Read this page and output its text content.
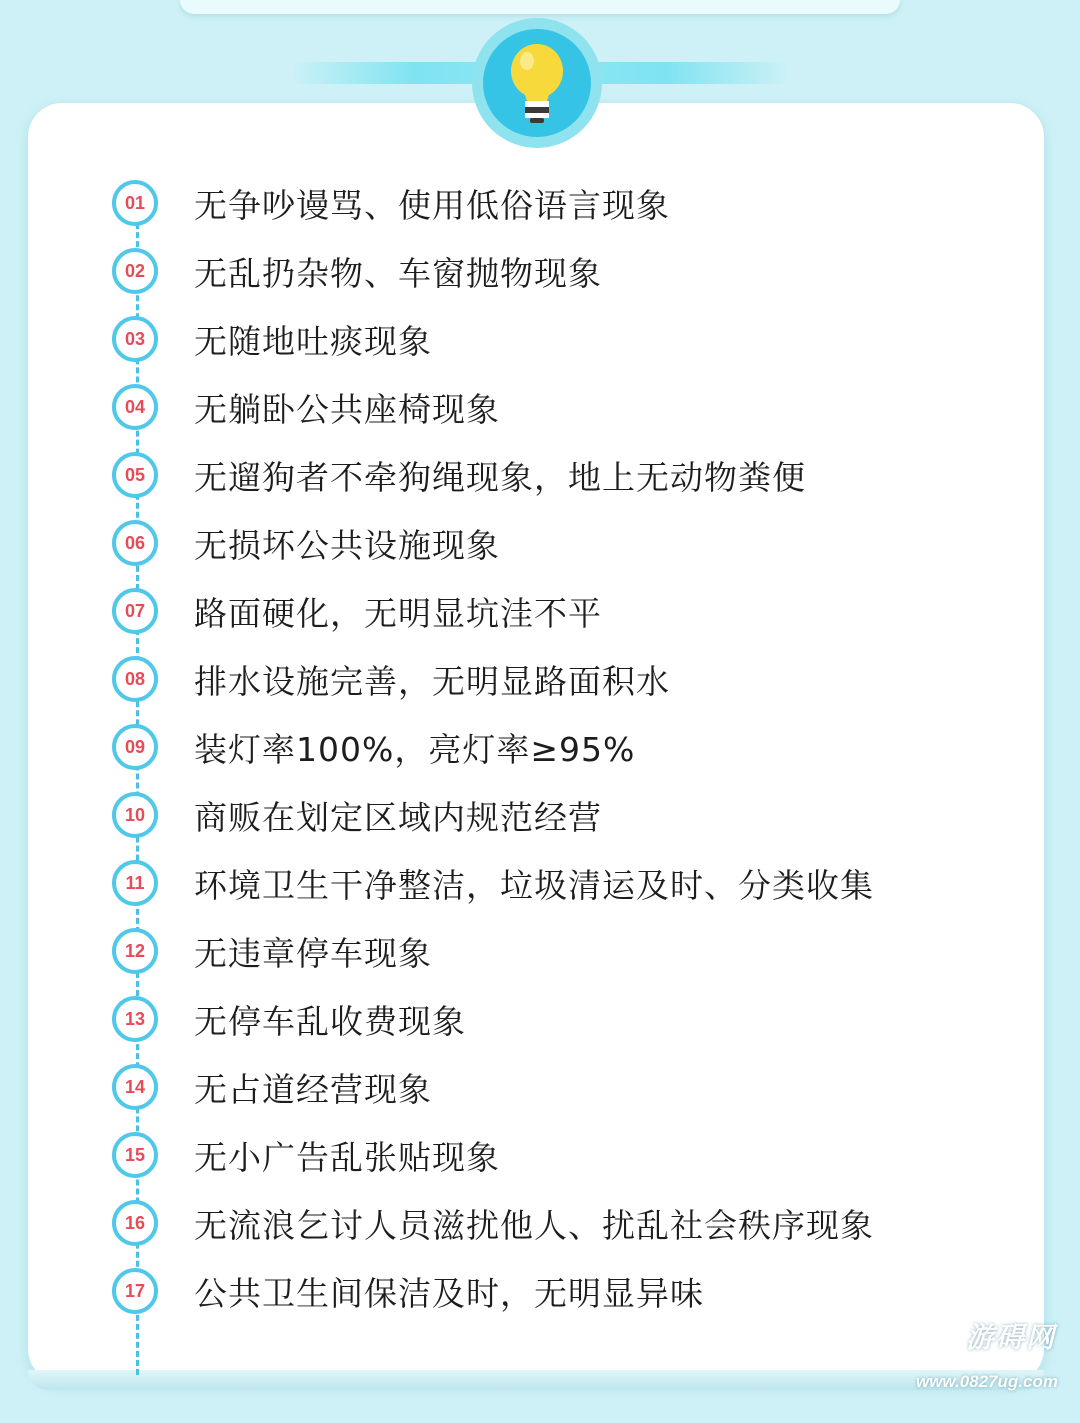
01	无争吵谩骂、使用低俗语言现象
02	无乱扔杂物、车窗抛物现象
03	无随地吐痰现象
04	无躺卧公共座椅现象
05	无遛狗者不牵狗绳现象，地上无动物粪便
06	无损坏公共设施现象
07	路面硬化，无明显坑洼不平
08	排水设施完善，无明显路面积水
09	装灯率100%，亮灯率≥95%
10	商贩在划定区域内规范经营
11	环境卫生干净整洁，垃圾清运及时、分类收集
12	无违章停车现象
13	无停车乱收费现象
14	无占道经营现象
15	无小广告乱张贴现象
16	无流浪乞讨人员滋扰他人、扰乱社会秩序现象
17	公共卫生间保洁及时，无明显异味
游碍网
www.0827ug.com
